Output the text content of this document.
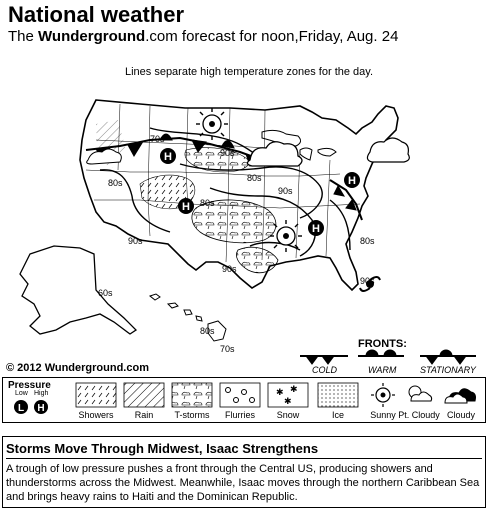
National weather
The Wunderground.com forecast for noon,Friday, Aug. 24
Lines separate high temperature zones for the day.
H
H
H
H
70s
90s
80s	80s
90s
80s
90s	80s
90s
90s
60s
80s
70s
L H
✱ ✱
✱
© 2012 Wunderground.com
FRONTS:
COLD	WARM	STATIONARY
Pressure
Low High
Showers	Rain	T-storms	Flurries	Snow	Ice	Sunny Pt. Cloudy Cloudy
Storms Move Through Midwest, Isaac Strengthens
A trough of low pressure pushes a front through the Central US, producing showers and thunderstorms across the Midwest. Meanwhile, Isaac moves through the northern Caribbean Sea and brings heavy rains to Haiti and the Dominican Republic.
